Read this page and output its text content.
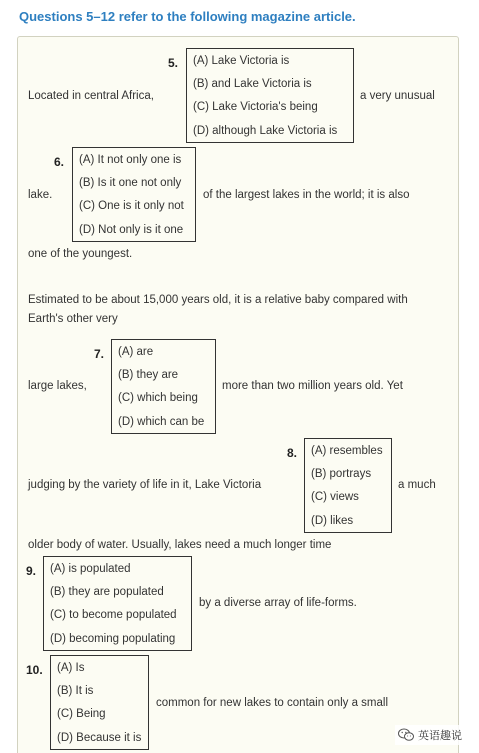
Questions 5–12 refer to the following magazine article.
5.	(A) Lake Victoria is
(B) and Lake Victoria is
(C) Lake Victoria's being
(D) although Lake Victoria is
Located in central Africa,	a very unusual
6.	(A) It not only one is
(B) Is it one not only
(C) One is it only not
(D) Not only is it one
lake.	of the largest lakes in the world; it is also
one of the youngest.
Estimated to be about 15,000 years old, it is a relative baby compared with
Earth's other very
7.	(A) are
(B) they are
(C) which being
(D) which can be
large lakes,	more than two million years old. Yet
8.	(A) resembles
(B) portrays
(C) views
(D) likes
judging by the variety of life in it, Lake Victoria	a much
older body of water. Usually, lakes need a much longer time
9.	(A) is populated
(B) they are populated
(C) to become populated
(D) becoming populating
by a diverse array of life-forms.
10.	(A) Is
(B) It is
(C) Being
(D) Because it is
common for new lakes to contain only a small
英语趣说
